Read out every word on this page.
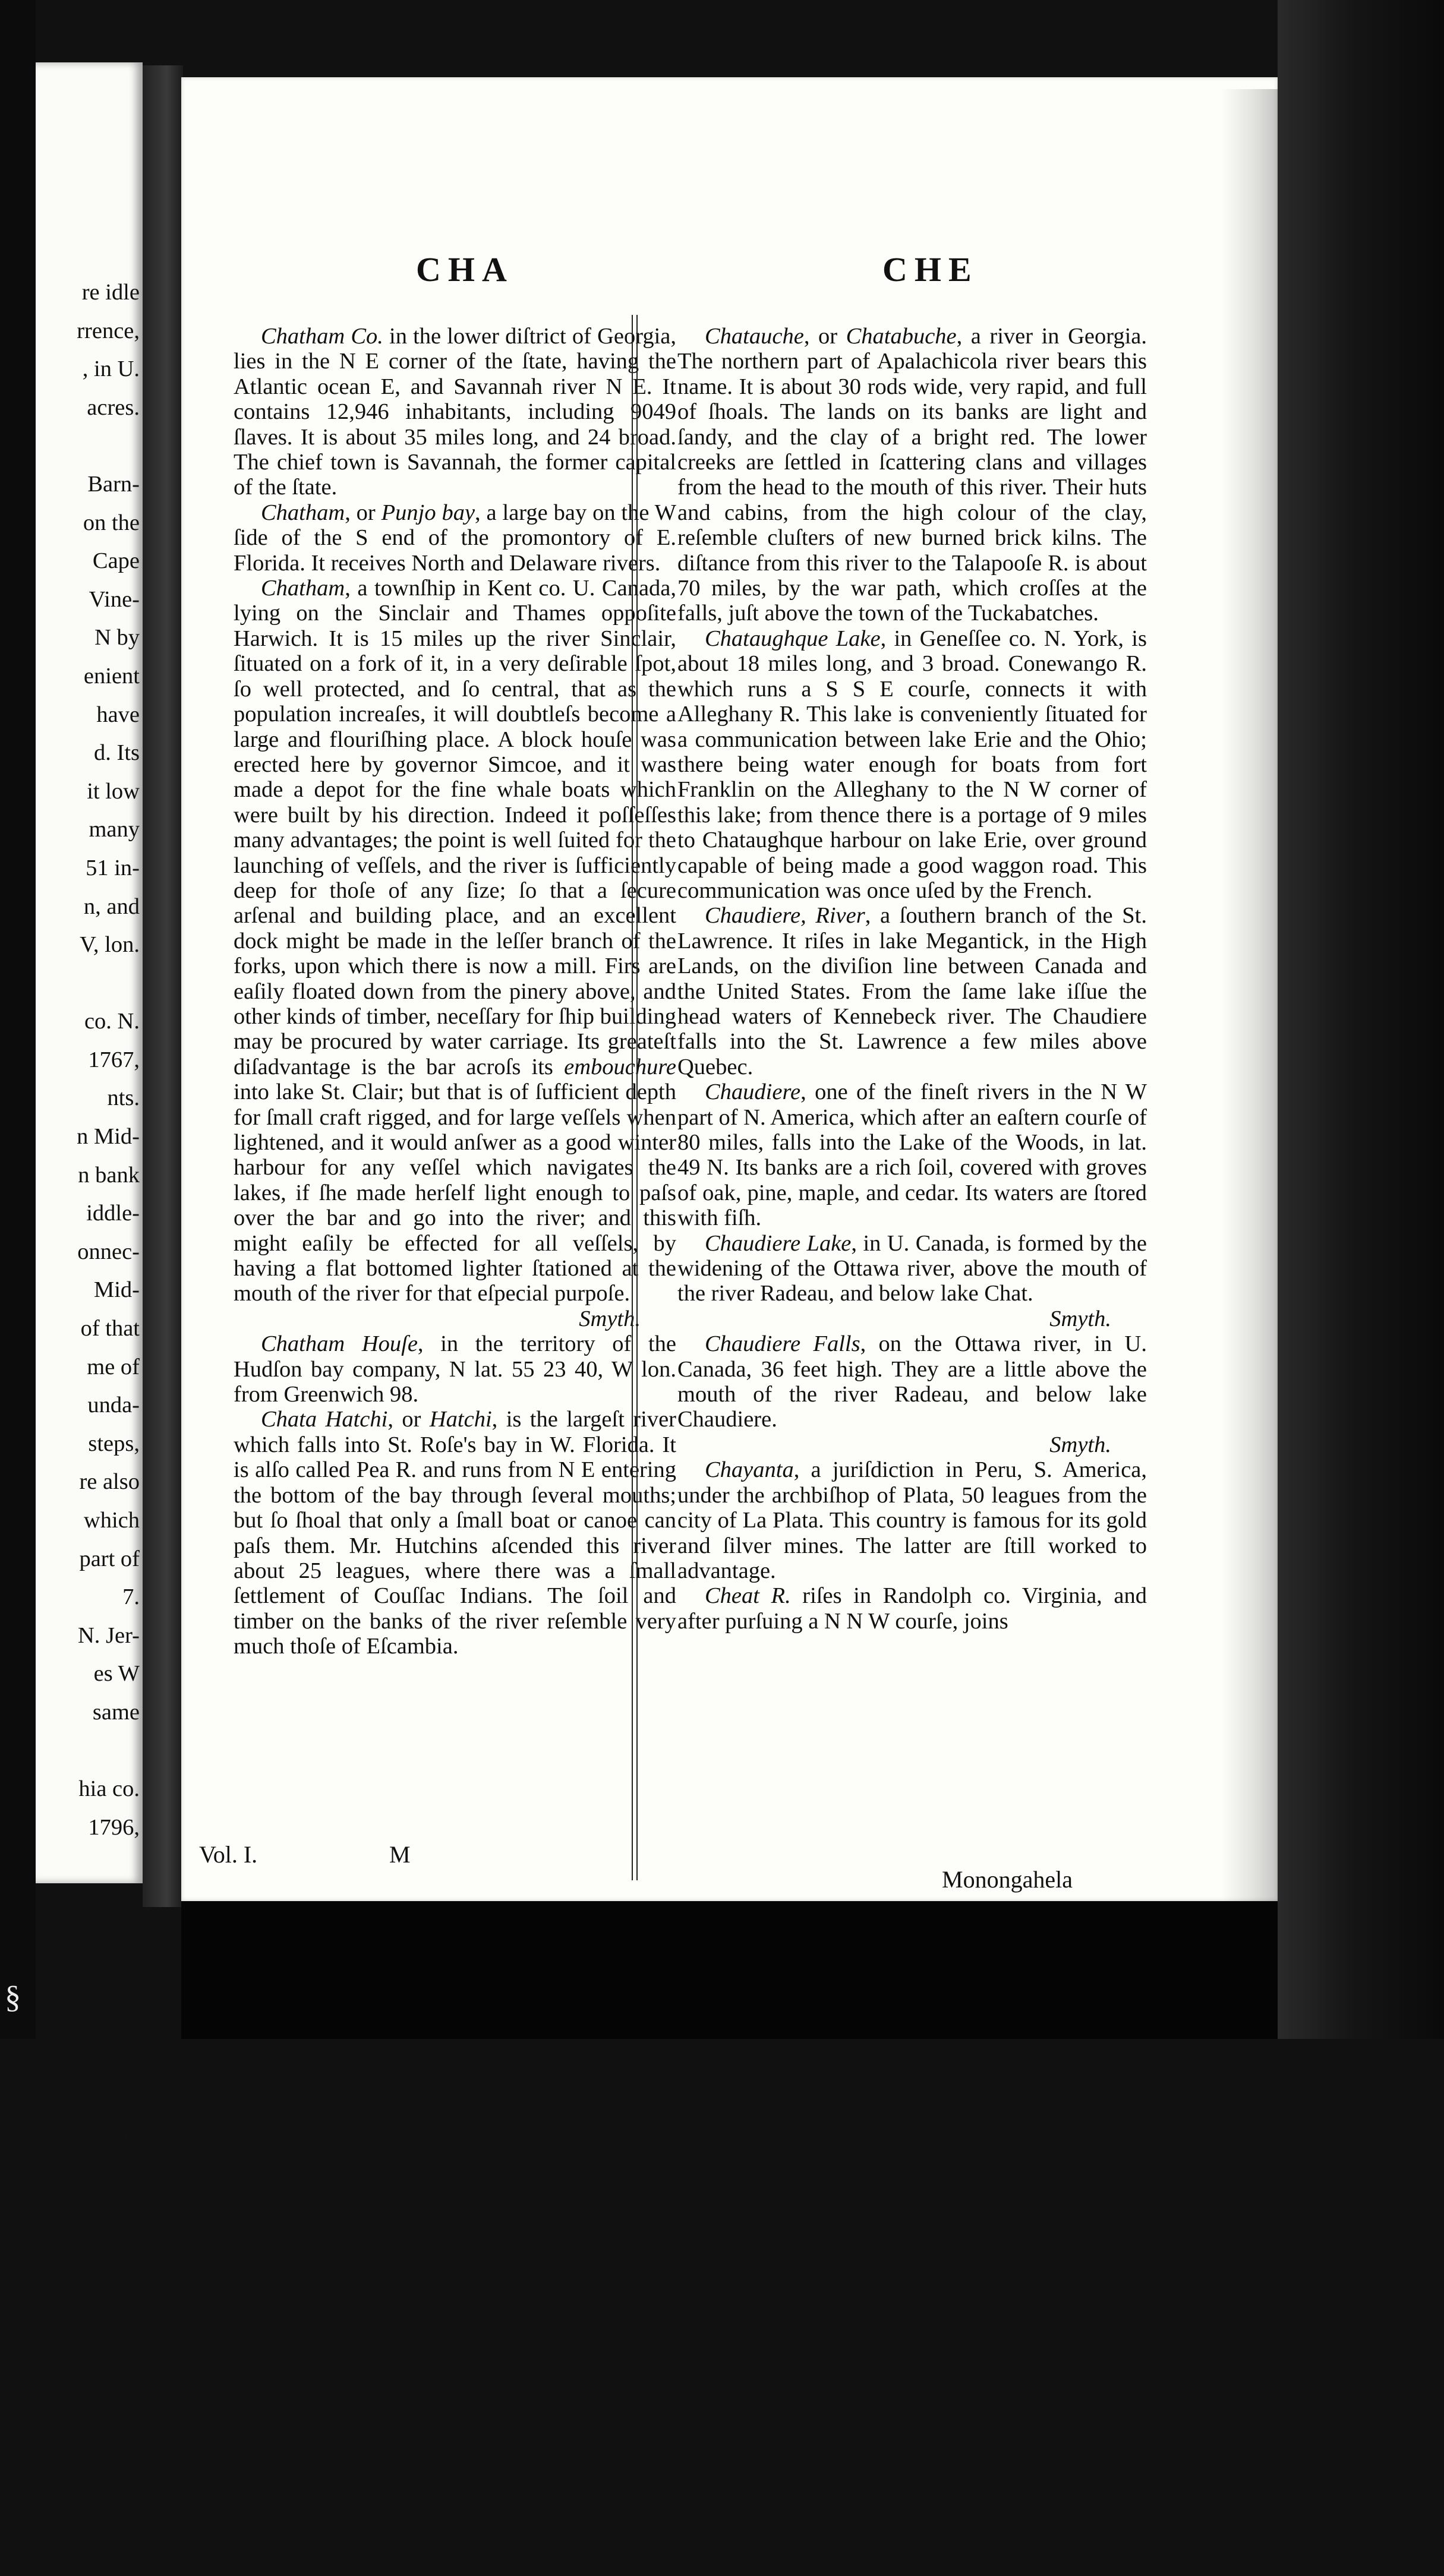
re idle
rrence,
, in U.
acres.
Barn-
on the
Cape
Vine-
N by
enient
have
d. Its
it low
many
51 in-
n, and
V, lon.
co. N.
1767,
nts.
n Mid-
n bank
iddle-
onnec-
Mid-
of that
me of
unda-
steps,
re also
which
part of
7.
N. Jer-
es W
same
hia co.
1796,
Penn-
n.
ict, N.
state.
whom
sburg.
f Ral-
river,
na, in
ide of
highly
at the
air to
tance.
ouses,
am,
CHA	CHE

Chatham Co. in the lower diſtrict of Georgia, lies in the N E corner of the ſtate, having the Atlantic ocean E, and Savannah river N E. It contains 12,946 inhabitants, including 9049 ſlaves. It is about 35 miles long, and 24 broad. The chief town is Savannah, the former capital of the ſtate.

Chatham, or Punjo bay, a large bay on the W ſide of the S end of the promontory of E. Florida. It receives North and Delaware rivers.

Chatham, a townſhip in Kent co. U. Canada, lying on the Sinclair and Thames oppoſite Harwich. It is 15 miles up the river Sinclair, ſituated on a fork of it, in a very deſirable ſpot, ſo well protected, and ſo central, that as the population increaſes, it will doubtleſs become a large and flouriſhing place. A block houſe was erected here by governor Simcoe, and it was made a depot for the fine whale boats which were built by his direction. Indeed it poſſeſſes many advantages; the point is well ſuited for the launching of veſſels, and the river is ſufficiently deep for thoſe of any ſize; ſo that a ſecure arſenal and building place, and an excellent dock might be made in the leſſer branch of the forks, upon which there is now a mill. Firs are eaſily floated down from the pinery above, and other kinds of timber, neceſſary for ſhip building may be procured by water carriage. Its greateſt diſadvantage is the bar acroſs its embouchure into lake St. Clair; but that is of ſufficient depth for ſmall craft rigged, and for large veſſels when lightened, and it would anſwer as a good winter harbour for any veſſel which navigates the lakes, if ſhe made herſelf light enough to paſs over the bar and go into the river; and this might eaſily be effected for all veſſels, by having a flat bottomed lighter ſtationed at the mouth of the river for that eſpecial purpoſe.
Smyth.

Chatham Houſe, in the territory of the Hudſon bay company, N lat. 55 23 40, W lon. from Greenwich 98.

Chata Hatchi, or Hatchi, is the largeſt river which falls into St. Roſe's bay in W. Florida. It is alſo called Pea R. and runs from N E entering the bottom of the bay through ſeveral mouths; but ſo ſhoal that only a ſmall boat or canoe can paſs them. Mr. Hutchins aſcended this river about 25 leagues, where there was a ſmall ſettlement of Couſſac Indians. The ſoil and timber on the banks of the river reſemble very much thoſe of Eſcambia.

Chatauche, or Chatabuche, a river in Georgia. The northern part of Apalachicola river bears this name. It is about 30 rods wide, very rapid, and full of ſhoals. The lands on its banks are light and ſandy, and the clay of a bright red. The lower creeks are ſettled in ſcattering clans and villages from the head to the mouth of this river. Their huts and cabins, from the high colour of the clay, reſemble cluſters of new burned brick kilns. The diſtance from this river to the Talapooſe R. is about 70 miles, by the war path, which croſſes at the falls, juſt above the town of the Tuckabatches.

Chataughque Lake, in Geneſſee co. N. York, is about 18 miles long, and 3 broad. Conewango R. which runs a S S E courſe, connects it with Alleghany R. This lake is conveniently ſituated for a communication between lake Erie and the Ohio; there being water enough for boats from fort Franklin on the Alleghany to the N W corner of this lake; from thence there is a portage of 9 miles to Chataughque harbour on lake Erie, over ground capable of being made a good waggon road. This communication was once uſed by the French.

Chaudiere, River, a ſouthern branch of the St. Lawrence. It riſes in lake Megantick, in the High Lands, on the diviſion line between Canada and the United States. From the ſame lake iſſue the head waters of Kennebeck river. The Chaudiere falls into the St. Lawrence a few miles above Quebec.

Chaudiere, one of the fineſt rivers in the N W part of N. America, which after an eaſtern courſe of 80 miles, falls into the Lake of the Woods, in lat. 49 N. Its banks are a rich ſoil, covered with groves of oak, pine, maple, and cedar. Its waters are ſtored with fiſh.

Chaudiere Lake, in U. Canada, is formed by the widening of the Ottawa river, above the mouth of the river Radeau, and below lake Chat.
Smyth.

Chaudiere Falls, on the Ottawa river, in U. Canada, 36 feet high. They are a little above the mouth of the river Radeau, and below lake Chaudiere.
Smyth.

Chayanta, a juriſdiction in Peru, S. America, under the archbiſhop of Plata, 50 leagues from the city of La Plata. This country is famous for its gold and ſilver mines. The latter are ſtill worked to advantage.

Cheat R. riſes in Randolph co. Virginia, and after purſuing a N N W courſe, joins

Vol. I.	M
Monongahela
§
